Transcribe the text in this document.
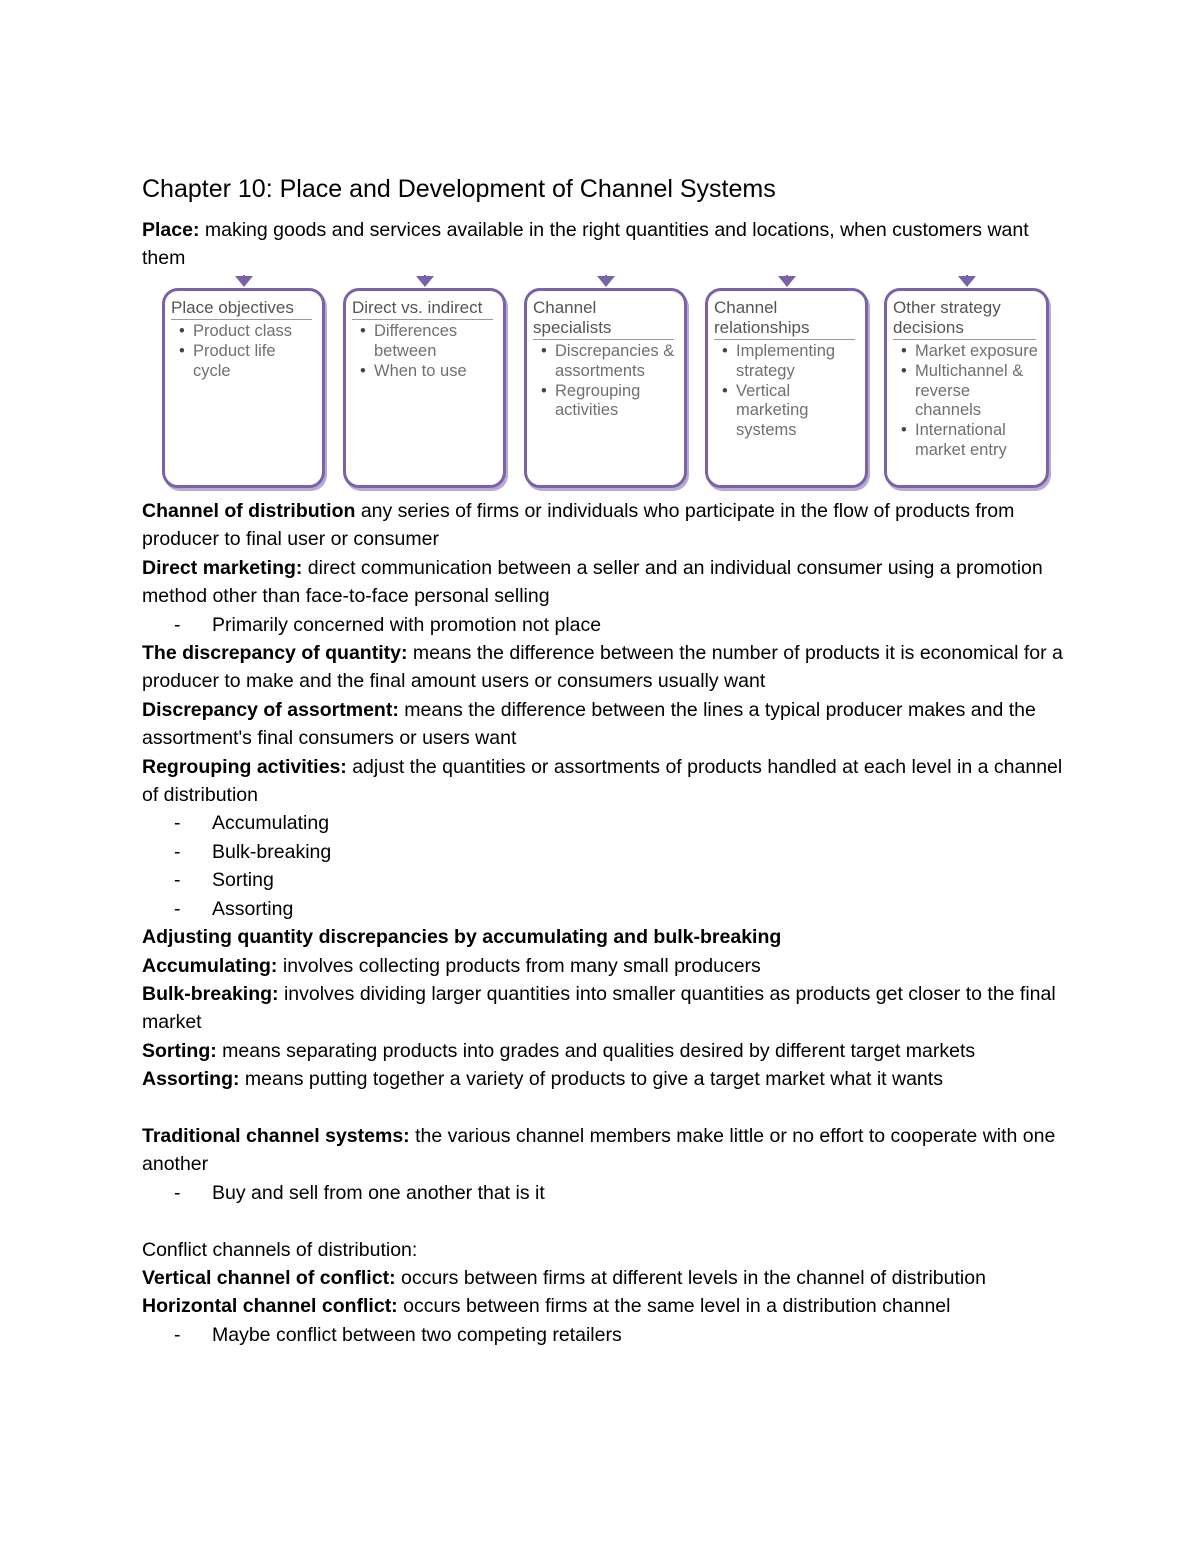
Chapter 10: Place and Development of Channel Systems
Place: making goods and services available in the right quantities and locations, when customers want them
Place objectives
• Product class
• Product life cycle
Direct vs. indirect
• Differences between
• When to use
Channel specialists
• Discrepancies & assortments
• Regrouping activities
Channel relationships
• Implementing strategy
• Vertical marketing systems
Other strategy decisions
• Market exposure
• Multichannel & reverse channels
• International market entry
Channel of distribution any series of firms or individuals who participate in the flow of products from producer to final user or consumer
Direct marketing: direct communication between a seller and an individual consumer using a promotion method other than face-to-face personal selling
- Primarily concerned with promotion not place
The discrepancy of quantity: means the difference between the number of products it is economical for a producer to make and the final amount users or consumers usually want
Discrepancy of assortment: means the difference between the lines a typical producer makes and the assortment's final consumers or users want
Regrouping activities: adjust the quantities or assortments of products handled at each level in a channel of distribution
- Accumulating
- Bulk-breaking
- Sorting
- Assorting
Adjusting quantity discrepancies by accumulating and bulk-breaking
Accumulating: involves collecting products from many small producers
Bulk-breaking: involves dividing larger quantities into smaller quantities as products get closer to the final market
Sorting: means separating products into grades and qualities desired by different target markets
Assorting: means putting together a variety of products to give a target market what it wants
Traditional channel systems: the various channel members make little or no effort to cooperate with one another
- Buy and sell from one another that is it
Conflict channels of distribution:
Vertical channel of conflict: occurs between firms at different levels in the channel of distribution
Horizontal channel conflict: occurs between firms at the same level in a distribution channel
- Maybe conflict between two competing retailers
